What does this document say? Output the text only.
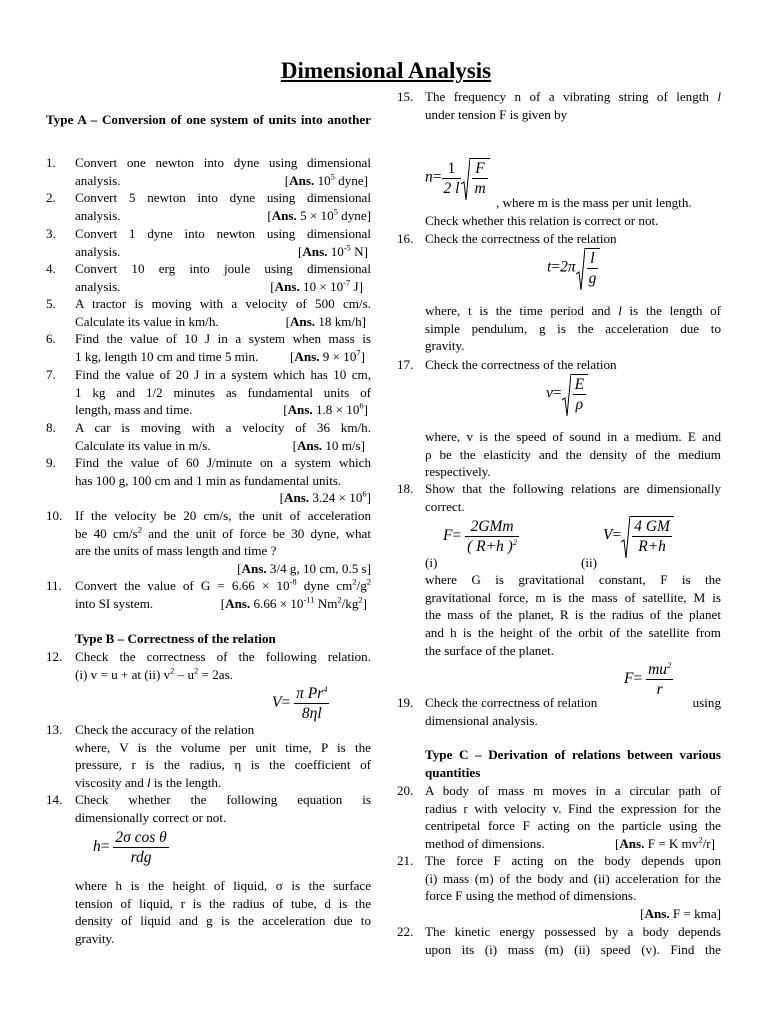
Dimensional Analysis
Type A – Conversion of one system of units into another
1. Convert one newton into dyne using dimensional
analysis.	[Ans. $10^5$ dyne]
2. Convert 5 newton into dyne using dimensional
analysis.	[Ans. $5 \times 10^5$ dyne]
3. Convert 1 dyne into newton using dimensional
analysis.	[Ans. $10^{-5}$ N]
4. Convert 10 erg into joule using dimensional
analysis.	[Ans. $10 \times 10^{-7}$ J]
5. A tractor is moving with a velocity of 500 cm/s.
Calculate its value in km/h.	[Ans. 18 km/h]
6. Find the value of 10 J in a system when mass is
1 kg, length 10 cm and time 5 min. [Ans. $9 \times 10^7$]
7. Find the value of 20 J in a system which has 10 cm,
1 kg and 1/2 minutes as fundamental units of
length, mass and time.	[Ans. $1.8 \times 10^6$]
8. A car is moving with a velocity of 36 km/h.
Calculate its value in m/s.	[Ans. 10 m/s]
9. Find the value of 60 J/minute on a system which
has 100 g, 100 cm and 1 min as fundamental units.
[Ans. $3.24 \times 10^6$]
10. If the velocity be 20 cm/s, the unit of acceleration
be 40 $cm/s^2$ and the unit of force be 30 dyne, what
are the units of mass length and time ?
[Ans. 3/4 g, 10 cm, 0.5 s]
11. Convert the value of $G = 6.66 \times 10^{-8}$ dyne $cm^2/g^2$
into SI system.	[Ans. $6.66 \times 10^{-11}$ $Nm^2/kg^2$]
Type B – Correctness of the relation
12. Check the correctness of the following relation.
(i) v = u + at (ii) $v^2 - u^2 = 2as$.
$V= \frac{\pi Pr^4}{8\eta l}$
13. Check the accuracy of the relation
where, V is the volume per unit time, P is the
pressure, r is the radius, η is the coefficient of
viscosity and l is the length.
14. Check whether the following equation is
dimensionally correct or not.
$h= \frac{\text{2σ cos θ}}{\text{rdg}}$
where h is the height of liquid, σ is the surface
tension of liquid, r is the radius of tube, d is the
density of liquid and g is the acceleration due to
gravity.
15. The frequency n of a vibrating string of length l
under tension F is given by
$n= \frac{1}{2 l} \frac{F}{m}$
, where m is the mass per unit length.
Check whether this relation is correct or not.
16. Check the correctness of the relation
$t=2\pi \frac{l}{g}$
where, t is the time period and l is the length of
simple pendulum, g is the acceleration due to
gravity.
17. Check the correctness of the relation
$v= \frac{E}{\rho}$
where, v is the speed of sound in a medium. E and
ρ be the elasticity and the density of the medium
respectively.
18. Show that the following relations are dimensionally
correct.
$F= \frac{\text{2GMm}}{( R+h )^2}$
(i)
$V= \frac{4 GM}{R+h}$
(ii)
where G is gravitational constant, F is the
gravitational force, m is the mass of satellite, M is
the mass of the planet, R is the radius of the planet
and h is the height of the orbit of the satellite from
the surface of the planet.
$F= \frac{mu^2}{r}$
19. Check the correctness of relation	using
dimensional analysis.
Type C – Derivation of relations between various quantities
20. A body of mass m moves in a circular path of
radius r with velocity v. Find the expression for the
centripetal force F acting on the particle using the
method of dimensions.	[Ans. F = K $mv^2/r$]
21. The force F acting on the body depends upon
(i) mass (m) of the body and (ii) acceleration for the
force F using the method of dimensions.
[Ans. F = kma]
22. The kinetic energy possessed by a body depends
upon its (i) mass (m) (ii) speed (v). Find the
